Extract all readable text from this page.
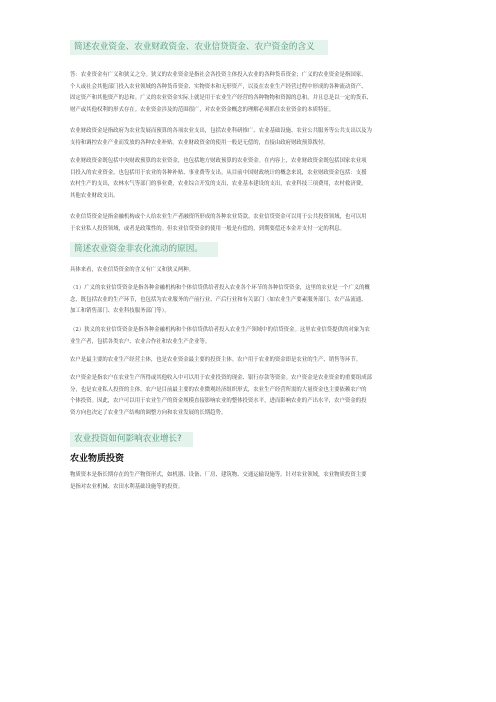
简述农业资金、农业财政资金、农业信贷资金、农户资金的含义
答：农业资金有广义和狭义之分。狭义的农业资金是指社会各投资主体投入农业的各种货币资金；广义的农业资金是指国家、
个人或社会其他部门投入农业领域的各种货币资金、实物资本和无形资产，以及在农业生产经营过程中形成的各种流动资产、
固定资产和其他资产的总和。广义的农业资金实际上就是用于农业生产经营的各种物物和资源的总和，并且总是以一定的货币、
财产或其他权利的形式存在。农业资金涉及的范围很广，对农业资金概念的理解必须抓住农业资金的本质特征。
农业财政资金是指政府为农业发展而预算的各项农业支出，包括农业科研推广、农业基础设施、农业公共服务等公共支出以及为
支持和调控农业产业而发放的各种农业补贴。农业财政资金的使用一般是无偿的，直接由政府财政预算拨付。
农业财政资金既包括中央财政预算的农业资金，也包括地方财政预算的农业资金。在内容上，农业财政资金既包括国家农业项
目投入的农业资金，也包括用于农业的各种补贴、事业费等支出。从目前中国财政统计的概念来说，农业财政资金包括：支援
农村生产的支出，农林水气等部门的事业费，农业综合开发的支出，农业基本建设的支出，农业科技三项费用，农村救济费，
其他农业财政支出。
农业信贷资金是指金融机构或个人给农业生产者融资所形成的各种农业贷款。农业信贷资金可以用于公共投资领域，也可以用
于农业私人投资领域，或者是政策性的。但农业信贷资金的使用一般是有偿的，到期要偿还本金并支付一定的利息。
简述农业资金非农化流动的原因。
具体来看，农业信贷资金的含义有广义和狭义两种。
（1）广义的农业信贷资金是指各种金融机构和个体信贷供给者投入农业各个环节的各种信贷资金，这里的农业是一个广义的概
念，既包括农业的生产环节，也包括为农业服务的产前行业、产后行业和有关部门（如农业生产要素服务部门、农产品流通、
加工和销售部门、农业科技服务部门等）。
（2）狭义的农业信贷资金是指各种金融机构和个体信贷供给者投入农业生产领域中的信贷资金。这里农业信贷提供的对象为农
业生产者，包括各类农户、农业合作社和农业生产企业等。
农户是最主要的农业生产经营主体，也是农业资金最主要的投资主体。农户用于农业的资金即是农业的生产、销售等环节。
农户资金是指农户在农业生产所得或其他收入中可以用于农业投资的现金、银行存款等资金。农户资金是农业资金的重要组成部
分，也是农业私人投资的主体。农户是目前最主要的农业微观经济组织形式，农业生产经营所需的大量资金也主要依赖农户的
个体投资。因此，农户可以用于农业生产的资金规模直接影响农业的整体投资水平，进而影响农业的产出水平，农户资金的投
资方向也决定了农业生产结构的调整方向和农业发展的长期趋势。
农业投资如何影响农业增长?
农业物质投资
物质资本是指长期存在的生产物资形式，如机器、设备、厂房、建筑物、交通运输设施等。针对农业领域，农业物质投资主要
是指对农业机械、农田水利基础设施等的投资。
